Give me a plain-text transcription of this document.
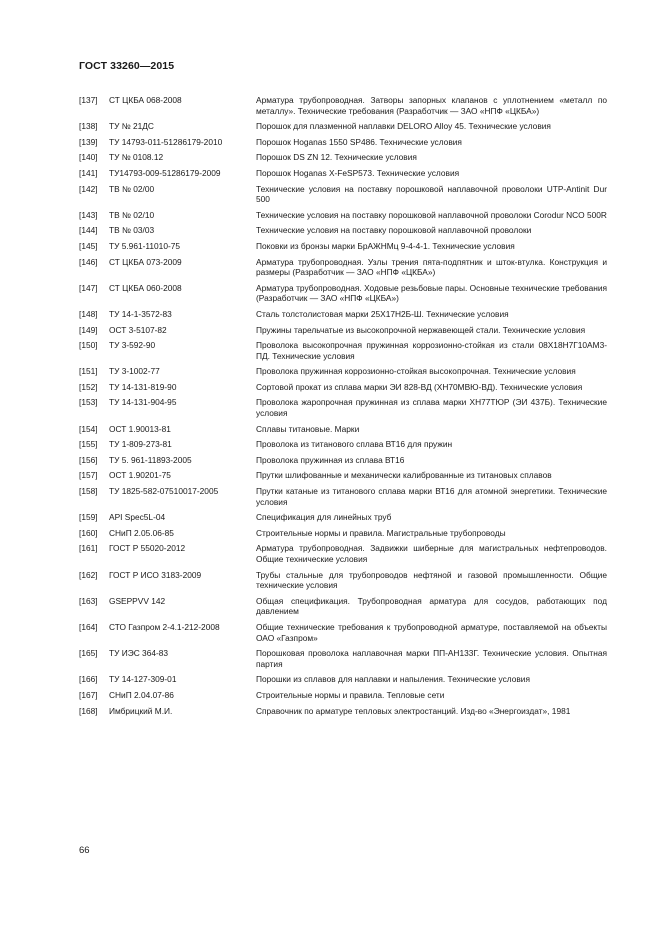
ГОСТ 33260—2015
[137]	СТ ЦКБА 068-2008	Арматура трубопроводная. Затворы запорных клапанов с уплотнением «металл по металлу». Технические требования (Разработчик — ЗАО «НПФ «ЦКБА»)
[138]	ТУ № 21ДС	Порошок для плазменной наплавки DELORO Alloy 45. Технические условия
[139]	ТУ 14793-011-51286179-2010	Порошок Hoganas 1550 SP486. Технические условия
[140]	ТУ № 0108.12	Порошок DS ZN 12. Технические условия
[141]	ТУ14793-009-51286179-2009	Порошок Hoganas X-FeSP573. Технические условия
[142]	ТВ № 02/00	Технические условия на поставку порошковой наплавочной проволоки UTP-Antinit Dur 500
[143]	ТВ № 02/10	Технические условия на поставку порошковой наплавочной проволоки Corodur NCO 500R
[144]	ТВ № 03/03	Технические условия на поставку порошковой наплавочной проволоки
[145]	ТУ 5.961-11010-75	Поковки из бронзы марки БрАЖНМц 9-4-4-1. Технические условия
[146]	СТ ЦКБА 073-2009	Арматура трубопроводная. Узлы трения пята-подпятник и шток-втулка. Конструкция и размеры (Разработчик — ЗАО «НПФ «ЦКБА»)
[147]	СТ ЦКБА 060-2008	Арматура трубопроводная. Ходовые резьбовые пары. Основные технические требования (Разработчик — ЗАО «НПФ «ЦКБА»)
[148]	ТУ 14-1-3572-83	Сталь толстолистовая марки 25Х17Н2Б-Ш. Технические условия
[149]	ОСТ 3-5107-82	Пружины тарельчатые из высокопрочной нержавеющей стали. Технические условия
[150]	ТУ 3-592-90	Проволока высокопрочная пружинная коррозионно-стойкая из стали 08Х18Н7Г10АМ3-ПД. Технические условия
[151]	ТУ 3-1002-77	Проволока пружинная коррозионно-стойкая высокопрочная. Технические условия
[152]	ТУ 14-131-819-90	Сортовой прокат из сплава марки ЭИ 828-ВД (ХН70МВЮ-ВД). Технические условия
[153]	ТУ 14-131-904-95	Проволока жаропрочная пружинная из сплава марки ХН77ТЮР (ЭИ 437Б). Технические условия
[154]	ОСТ 1.90013-81	Сплавы титановые. Марки
[155]	ТУ 1-809-273-81	Проволока из титанового сплава ВТ16 для пружин
[156]	ТУ 5. 961-11893-2005	Проволока пружинная из сплава ВТ16
[157]	ОСТ 1.90201-75	Прутки шлифованные и механически калиброванные из титановых сплавов
[158]	ТУ 1825-582-07510017-2005	Прутки катаные из титанового сплава марки ВТ16 для атомной энергетики. Технические условия
[159]	API Spec5L-04	Спецификация для линейных труб
[160]	СНиП 2.05.06-85	Строительные нормы и правила. Магистральные трубопроводы
[161]	ГОСТ Р 55020-2012	Арматура трубопроводная. Задвижки шиберные для магистральных нефтепроводов. Общие технические условия
[162]	ГОСТ Р ИСО 3183-2009	Трубы стальные для трубопроводов нефтяной и газовой промышленности. Общие технические условия
[163]	GSEPPVV 142	Общая спецификация. Трубопроводная арматура для сосудов, работающих под давлением
[164]	СТО Газпром 2-4.1-212-2008	Общие технические требования к трубопроводной арматуре, поставляемой на объекты ОАО «Газпром»
[165]	ТУ ИЭС 364-83	Порошковая проволока наплавочная марки ПП-АН133Г. Технические условия. Опытная партия
[166]	ТУ 14-127-309-01	Порошки из сплавов для наплавки и напыления. Технические условия
[167]	СНиП 2.04.07-86	Строительные нормы и правила. Тепловые сети
[168]	Имбрицкий М.И.	Справочник по арматуре тепловых электростанций. Изд-во «Энергоиздат», 1981
66
